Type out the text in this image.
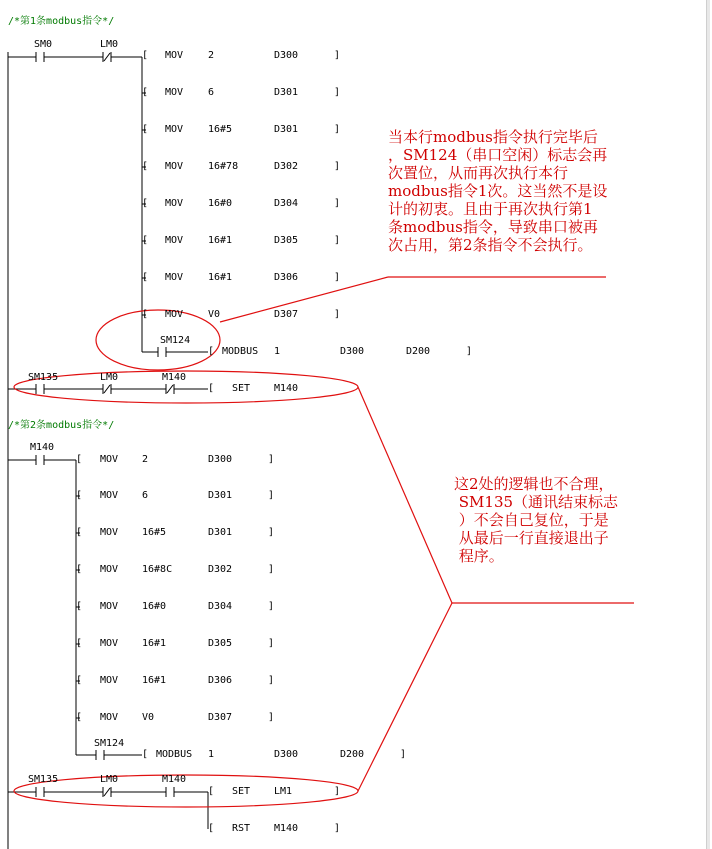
/*第1条modbus指令*/
/*第2条modbus指令*/
SM0	LM0
SM124
SM135	LM0	M140
M140
SM124
SM135	LM0	M140
[ MOV 2	D300	]
[ MOV 6	D301	]
[ MOV 16#5	D301	]
[ MOV 16#78	D302	]
[ MOV 16#0	D304	]
[ MOV 16#1	D305	]
[ MOV 16#1	D306	]
[ MOV V0	D307	]
[ MODBUS 1	D300	D200	]
[ SET M140
[ MOV 2	D300	]
[ MOV 6	D301	]
[ MOV 16#5	D301	]
[ MOV 16#8C	D302	]
[ MOV 16#0	D304	]
[ MOV 16#1	D305	]
[ MOV 16#1	D306	]
[ MOV V0	D307	]
[ MODBUS 1	D300	D200	]
[ SET LM1	]
[ RST M140	]
当本行modbus指令执行完毕后
，SM124（串口空闲）标志会再
次置位，从而再次执行本行
modbus指令1次。这当然不是设
计的初衷。且由于再次执行第1
条modbus指令，导致串口被再
次占用，第2条指令不会执行。
这2处的逻辑也不合理，
SM135（通讯结束标志
）不会自己复位，于是
从最后一行直接退出子
程序。
